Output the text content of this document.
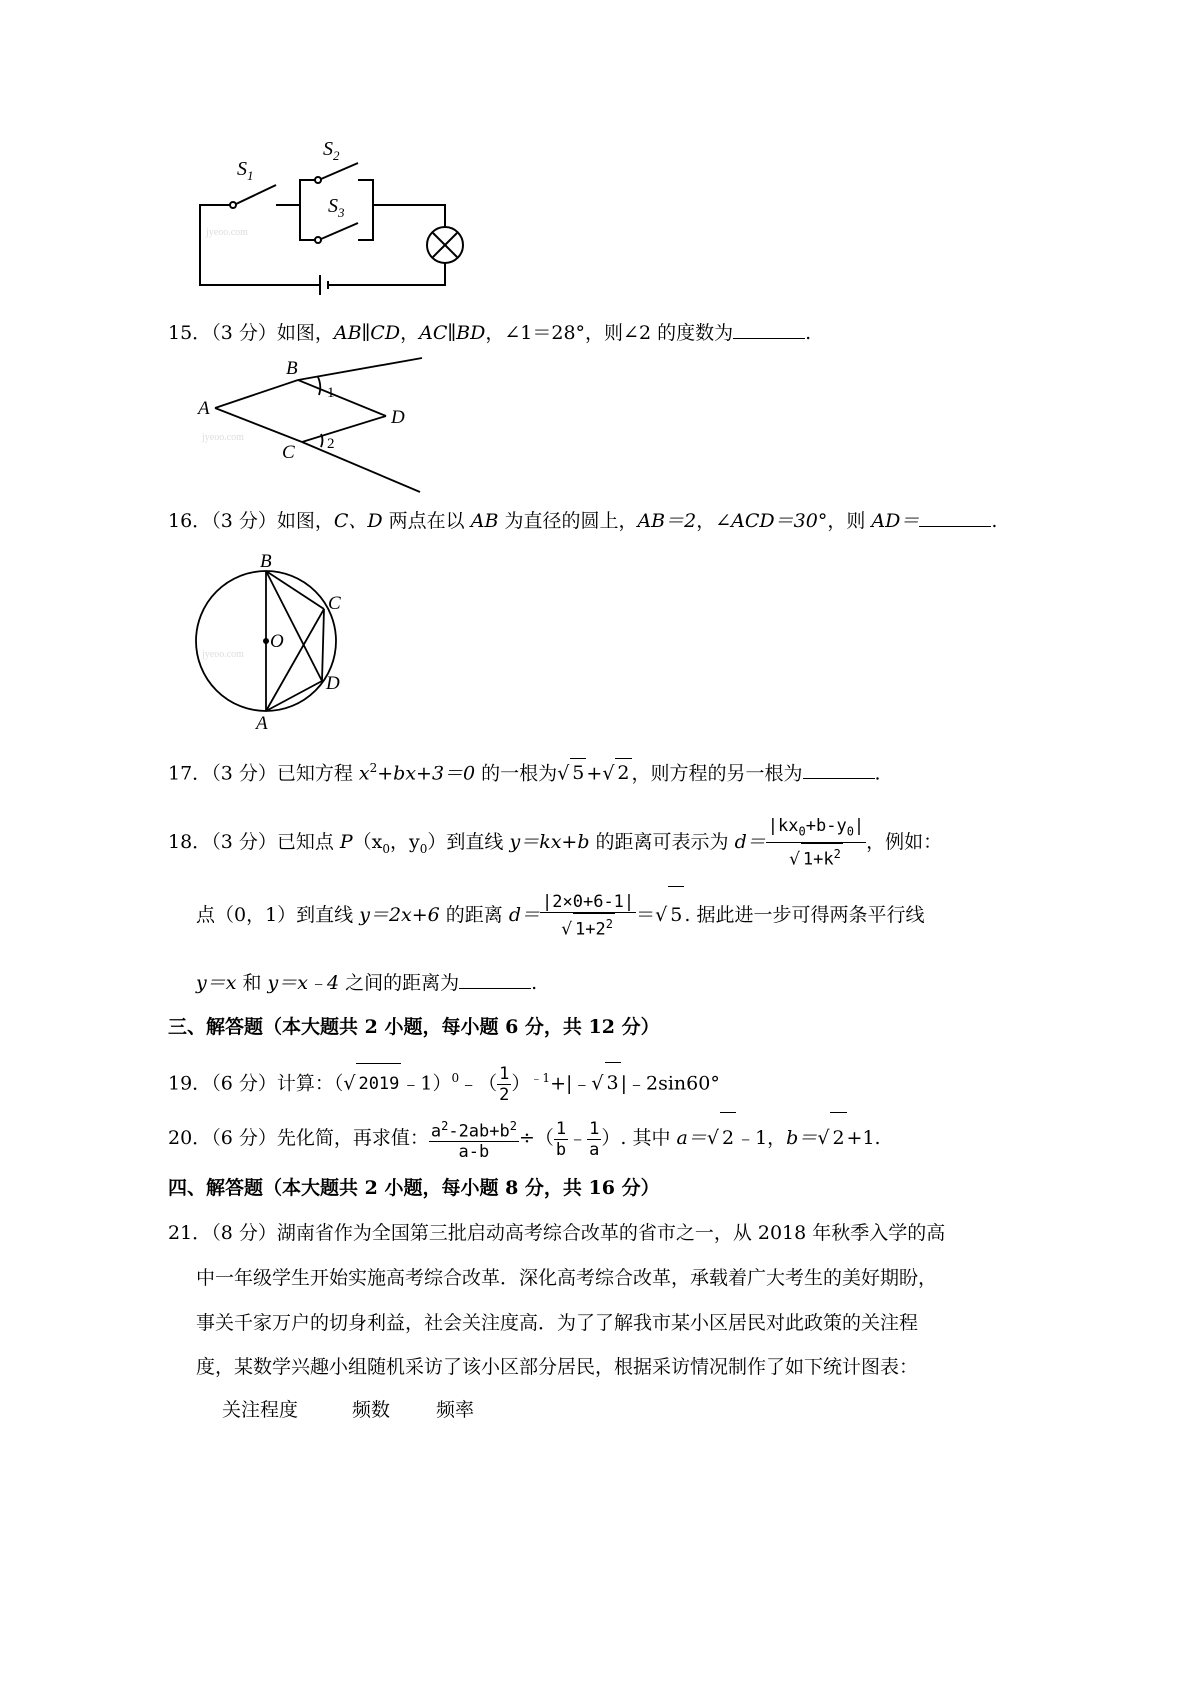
$S_1$
$S_2$
$S_3$
jyeoo.com
15．（3 分）如图，AB∥CD，AC∥BD，∠1＝28°，则∠2 的度数为	.
A
B
C
D
1
2
jyeoo.com
16．（3 分）如图，C、D 两点在以 AB 为直径的圆上，AB＝2，∠ACD＝30°，则 AD＝	.
B
C
O
D
A
jyeoo.com
17．（3 分）已知方程 $x^2+bx+3=0$ 的一根为√ 5 +√ 2 ，则方程的另一根为	.
18．（3 分）已知点 $P(x_0$，$y_0$）到直线 y＝kx+b 的距离可表示为 $d= \frac{|kx_0+b-y_0|}{√ 1+k^2}$ ，例如：
点（0，1）到直线 y＝2x+6 的距离 $d= \frac{|2\times 0+6-1|}{√ 1+2^2}$ ＝√ 5 . 据此进一步可得两条平行线
y＝x 和 y＝x﹣4 之间的距离为	.
三、解答题（本大题共 2 小题，每小题 6 分，共 12 分）
19．（6 分）计算：（√ 2019 ﹣1）$^0$﹣（ $\frac{1}{2}$ ）$^{﹣1}$+|﹣√ 3 |﹣2sin60°
20．（6 分）先化简，再求值： $\frac{a^2-2ab+b^2}{a-b}$ ÷（ $\frac{1}{b}$ ﹣ $\frac{1}{a}$ ）. 其中 a＝√ 2 ﹣1，b＝√ 2 +1.
四、解答题（本大题共 2 小题，每小题 8 分，共 16 分）
21．（8 分）湖南省作为全国第三批启动高考综合改革的省市之一，从 2018 年秋季入学的高
中一年级学生开始实施高考综合改革．深化高考综合改革，承载着广大考生的美好期盼，
事关千家万户的切身利益，社会关注度高．为了了解我市某小区居民对此政策的关注程
度，某数学兴趣小组随机采访了该小区部分居民，根据采访情况制作了如下统计图表：
关注程度	频数 频率
